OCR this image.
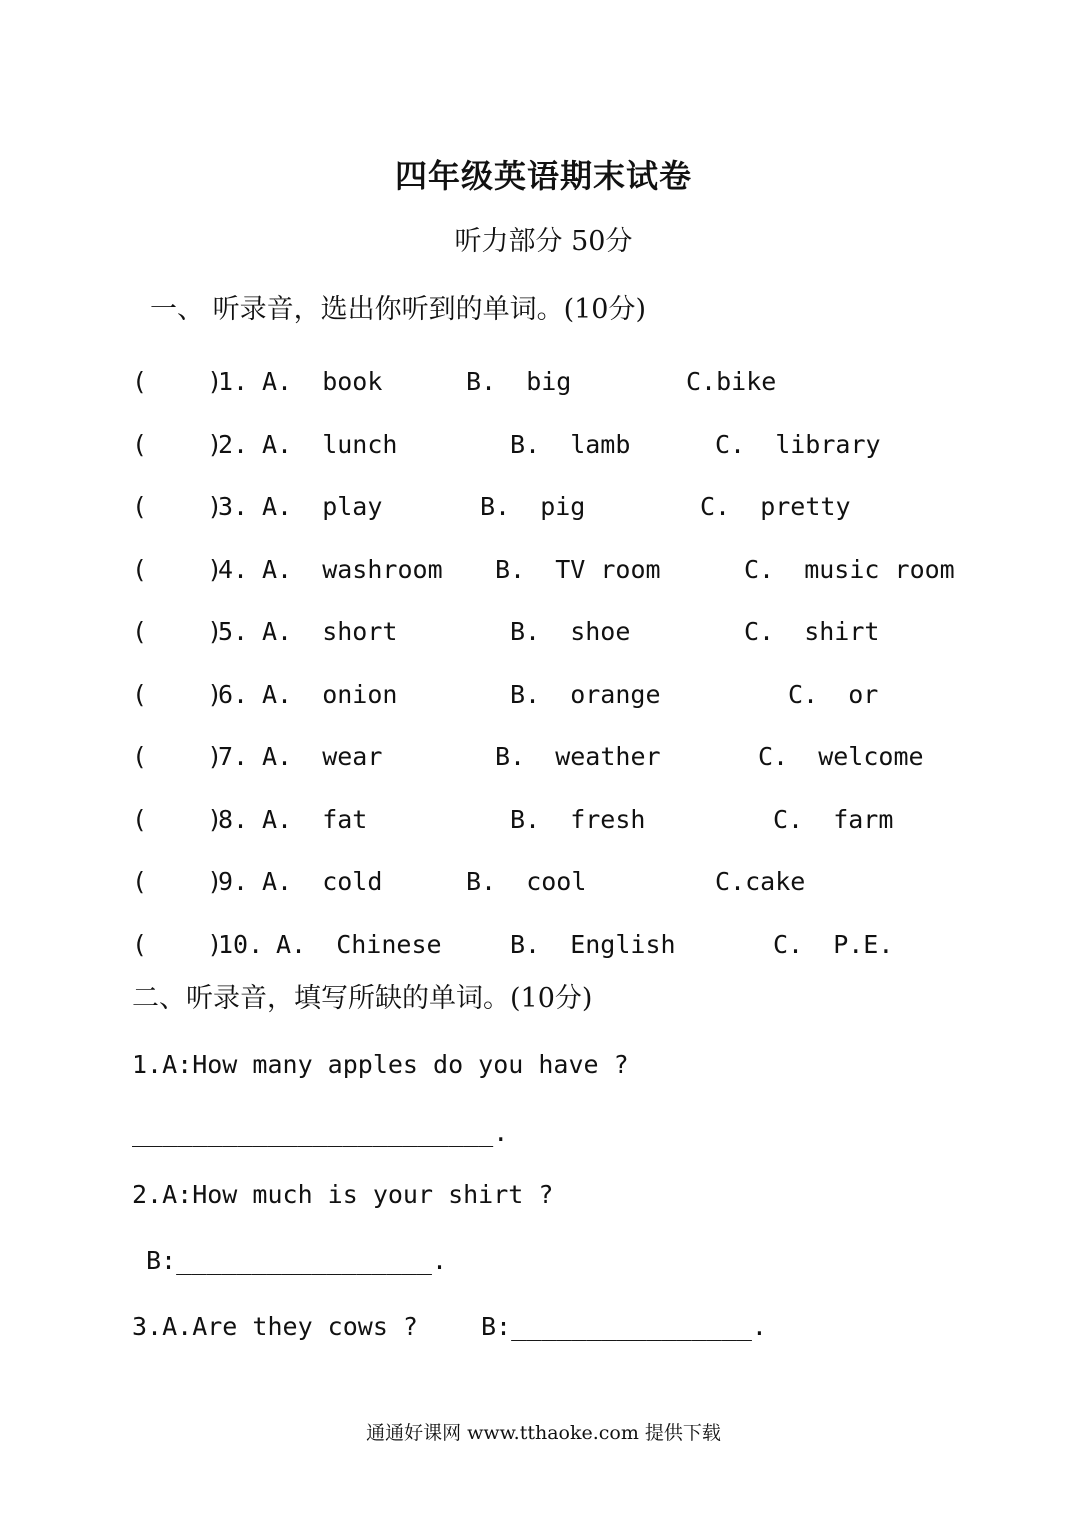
四年级英语期末试卷
听力部分 50分
一、 听录音，选出你听到的单词。(10分)
(    )
1. A.  book	B.  big	C.bike
(    )
2. A.  lunch	B.  lamb	C.  library
(    )
3. A.  play	B.  pig	C.  pretty
(    )
4. A.  washroom B.  TV room	C.  music room
(    )
5. A.  short	B.  shoe	C.  shirt
(    )
6. A.  onion	B.  orange	C.  or
(    )
7. A.  wear	B.  weather	C.  welcome
(    )
8. A.  fat	B.  fresh	C.  farm
(    )
9. A.  cold	B.  cool	C.cake
(    )
10. A.  Chinese	B.  English	C.  P.E.
二、听录音，填写所缺的单词。(10分)
1.A:How many apples do you have ?
________________________.
2.A:How much is your shirt ?
B:_________________.
3.A.Are they cows ?	B:________________.
通通好课网 www.tthaoke.com 提供下载
